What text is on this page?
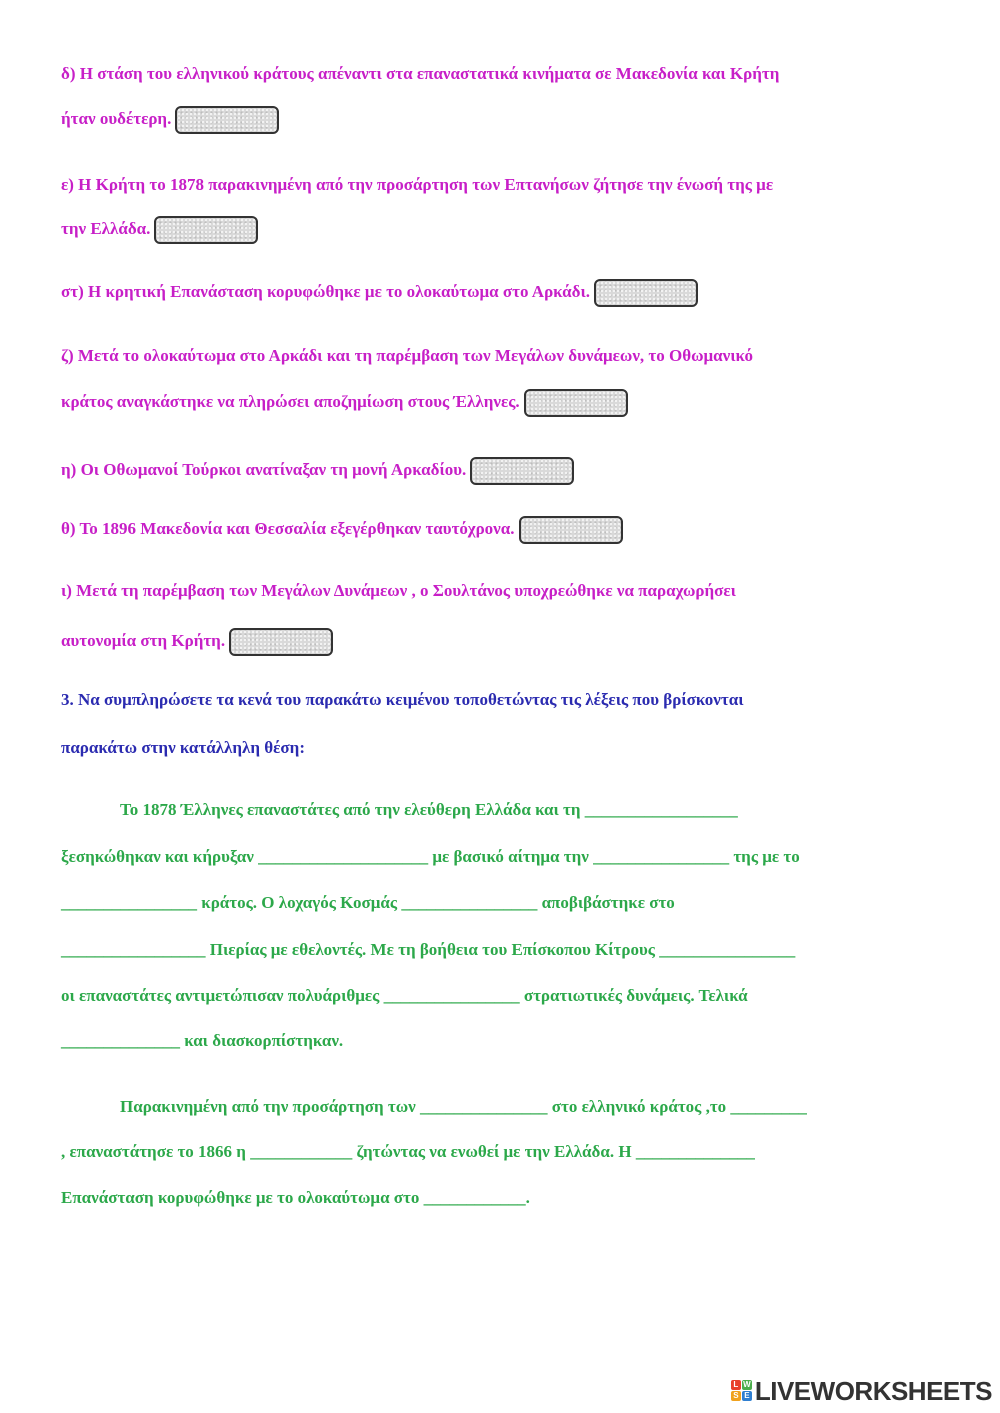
δ) Η στάση του ελληνικού κράτους απέναντι στα επαναστατικά κινήματα σε Μακεδονία και Κρήτη
ήταν ουδέτερη.
ε) Η Κρήτη το 1878 παρακινημένη από την προσάρτηση των Επτανήσων ζήτησε την ένωσή της με
την Ελλάδα.
στ) Η κρητική Επανάσταση κορυφώθηκε με το ολοκαύτωμα στο Αρκάδι.
ζ) Μετά το ολοκαύτωμα στο Αρκάδι και τη παρέμβαση των Μεγάλων δυνάμεων, το Οθωμανικό
κράτος αναγκάστηκε να πληρώσει αποζημίωση στους Έλληνες.
η) Οι Οθωμανοί Τούρκοι ανατίναξαν τη μονή Αρκαδίου.
θ) Το 1896 Μακεδονία και Θεσσαλία εξεγέρθηκαν ταυτόχρονα.
ι) Μετά τη παρέμβαση των Μεγάλων Δυνάμεων , ο Σουλτάνος υποχρεώθηκε να παραχωρήσει
αυτονομία στη Κρήτη.
3. Να συμπληρώσετε τα κενά του παρακάτω κειμένου τοποθετώντας τις λέξεις που βρίσκονται
παρακάτω στην κατάλληλη θέση:
Το 1878 Έλληνες επαναστάτες από την ελεύθερη Ελλάδα και τη __________________
ξεσηκώθηκαν και κήρυξαν ____________________ με βασικό αίτημα την ________________ της με το
________________ κράτος. Ο λοχαγός Κοσμάς ________________ αποβιβάστηκε στο
_________________ Πιερίας με εθελοντές. Με τη βοήθεια του Επίσκοπου Κίτρους ________________
οι επαναστάτες αντιμετώπισαν πολυάριθμες ________________ στρατιωτικές δυνάμεις. Τελικά
______________ και διασκορπίστηκαν.
Παρακινημένη από την προσάρτηση των _______________ στο ελληνικό κράτος ,το _________
, επαναστάτησε το 1866 η ____________ ζητώντας να ενωθεί με την Ελλάδα. Η ______________
Επανάσταση κορυφώθηκε με το ολοκαύτωμα στο ____________.
L W
S E LIVEWORKSHEETS
